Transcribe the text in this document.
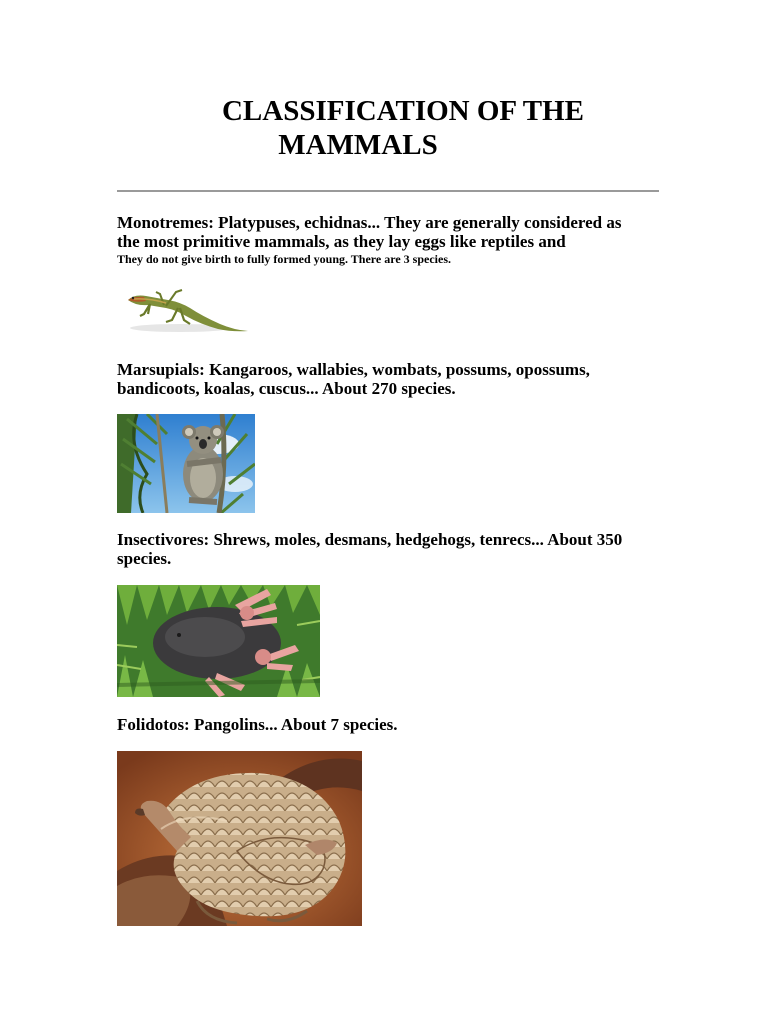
CLASSIFICATION OF THE
MAMMALS
Monotremes: Platypuses, echidnas... They are generally considered as
the most primitive mammals, as they lay eggs like reptiles and
They do not give birth to fully formed young. There are 3 species.
Marsupials: Kangaroos, wallabies, wombats, possums, opossums,
bandicoots, koalas, cuscus... About 270 species.
Insectivores: Shrews, moles, desmans, hedgehogs, tenrecs... About 350
species.
Folidotos: Pangolins... About 7 species.
